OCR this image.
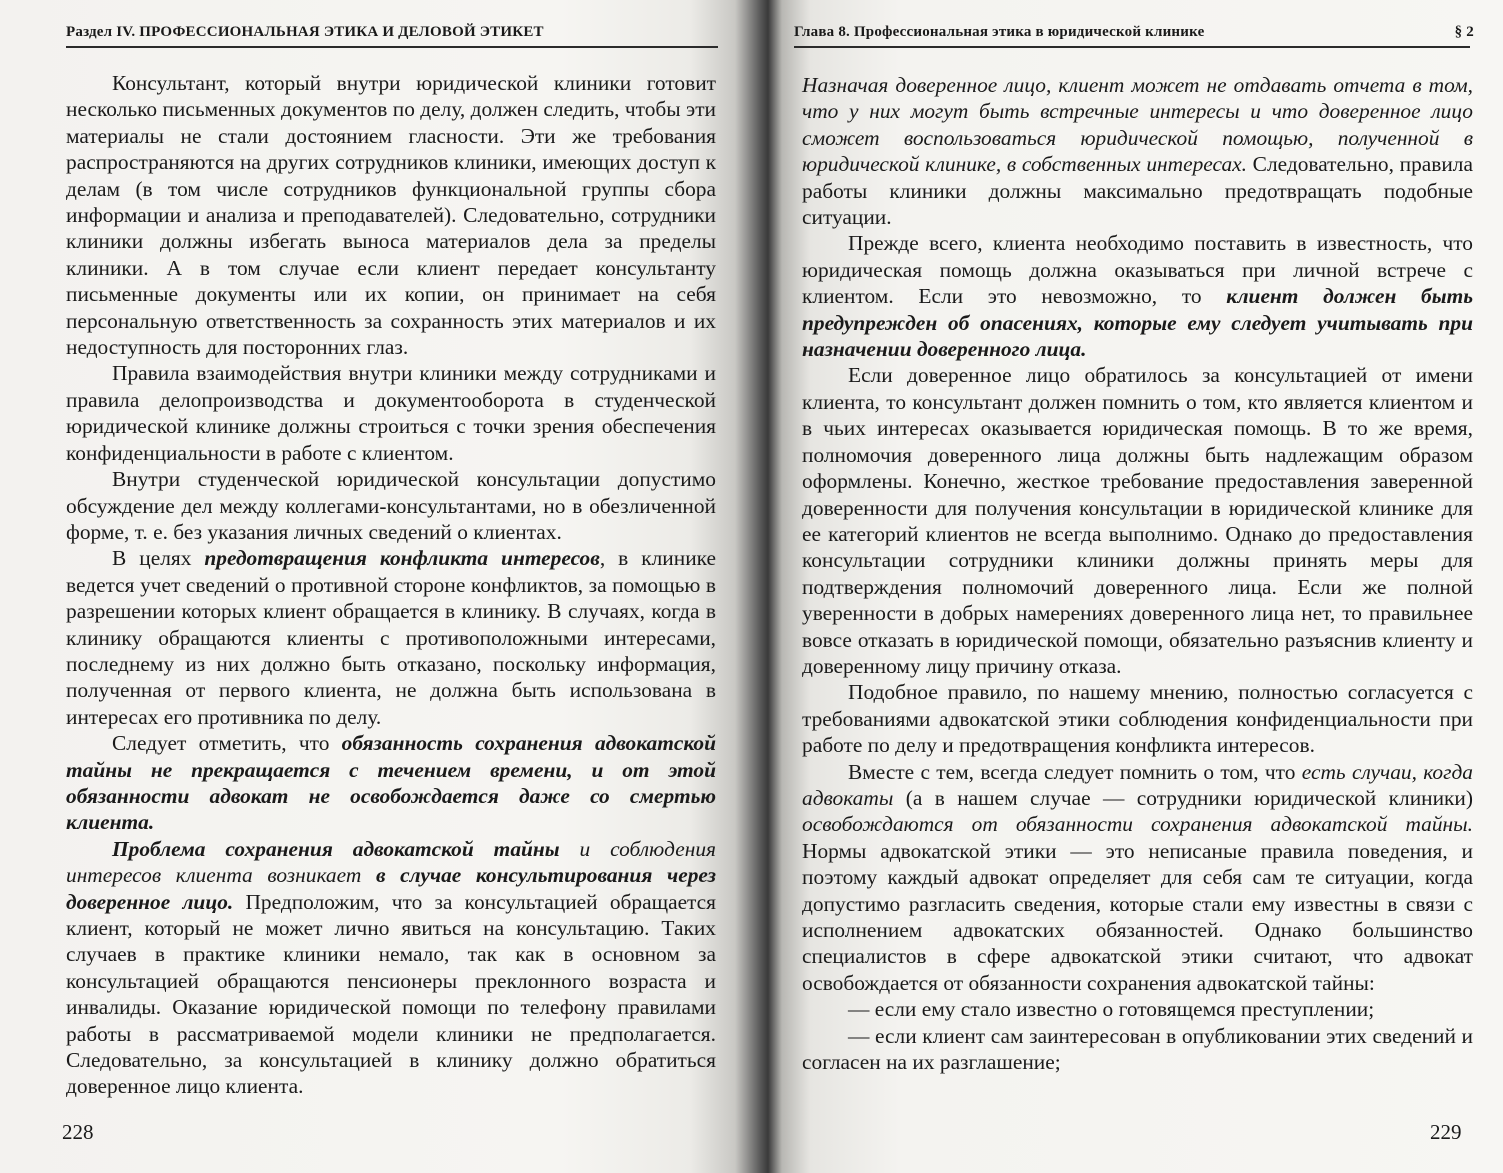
Раздел IV. ПРОФЕССИОНАЛЬНАЯ ЭТИКА И ДЕЛОВОЙ ЭТИКЕТ

Консультант, который внутри юридической клиники готовит несколько письменных документов по делу, должен следить, чтобы эти материалы не стали достоянием гласности. Эти же требования распространяются на других сотрудников клиники, имеющих доступ к делам (в том числе сотрудников функциональной группы сбора информации и анализа и преподавателей). Следовательно, сотрудники клиники должны избегать выноса материалов дела за пределы клиники. А в том случае если клиент передает консультанту письменные документы или их копии, он принимает на себя персональную ответственность за сохранность этих материалов и их недоступность для посторонних глаз.

Правила взаимодействия внутри клиники между сотрудниками и правила делопроизводства и документооборота в студенческой юридической клинике должны строиться с точки зрения обеспечения конфиденциальности в работе с клиентом.

Внутри студенческой юридической консультации допустимо обсуждение дел между коллегами-консультантами, но в обезличенной форме, т. е. без указания личных сведений о клиентах.

В целях предотвращения конфликта интересов, в клинике ведется учет сведений о противной стороне конфликтов, за помощью в разрешении которых клиент обращается в клинику. В случаях, когда в клинику обращаются клиенты с противоположными интересами, последнему из них должно быть отказано, поскольку информация, полученная от первого клиента, не должна быть использована в интересах его противника по делу.

Следует отметить, что обязанность сохранения адвокатской тайны не прекращается с течением времени, и от этой обязанности адвокат не освобождается даже со смертью клиента.

Проблема сохранения адвокатской тайны и соблюдения интересов клиента возникает в случае консультирования через доверенное лицо. Предположим, что за консультацией обращается клиент, который не может лично явиться на консультацию. Таких случаев в практике клиники немало, так как в основном за консультацией обращаются пенсионеры преклонного возраста и инвалиды. Оказание юридической помощи по телефону правилами работы в рассматриваемой модели клиники не предполагается. Следовательно, за консультацией в клинику должно обратиться доверенное лицо клиента.

228
Глава 8. Профессиональная этика в юридической клинике	§ 2

Назначая доверенное лицо, клиент может не отдавать отчета в том, что у них могут быть встречные интересы и что доверенное лицо сможет воспользоваться юридической помощью, полученной в юридической клинике, в собственных интересах. Следовательно, правила работы клиники должны максимально предотвращать подобные ситуации.

Прежде всего, клиента необходимо поставить в известность, что юридическая помощь должна оказываться при личной встрече с клиентом. Если это невозможно, то клиент должен быть предупрежден об опасениях, которые ему следует учитывать при назначении доверенного лица.

Если доверенное лицо обратилось за консультацией от имени клиента, то консультант должен помнить о том, кто является клиентом и в чьих интересах оказывается юридическая помощь. В то же время, полномочия доверенного лица должны быть надлежащим образом оформлены. Конечно, жесткое требование предоставления заверенной доверенности для получения консультации в юридической клинике для ее категорий клиентов не всегда выполнимо. Однако до предоставления консультации сотрудники клиники должны принять меры для подтверждения полномочий доверенного лица. Если же полной уверенности в добрых намерениях доверенного лица нет, то правильнее вовсе отказать в юридической помощи, обязательно разъяснив клиенту и доверенному лицу причину отказа.

Подобное правило, по нашему мнению, полностью согласуется с требованиями адвокатской этики соблюдения конфиденциальности при работе по делу и предотвращения конфликта интересов.

Вместе с тем, всегда следует помнить о том, что есть случаи, когда адвокаты (а в нашем случае — сотрудники юридической клиники) освобождаются от обязанности сохранения адвокатской тайны. Нормы адвокатской этики — это неписаные правила поведения, и поэтому каждый адвокат определяет для себя сам те ситуации, когда допустимо разгласить сведения, которые стали ему известны в связи с исполнением адвокатских обязанностей. Однако большинство специалистов в сфере адвокатской этики считают, что адвокат освобождается от обязанности сохранения адвокатской тайны:

— если ему стало известно о готовящемся преступлении;

— если клиент сам заинтересован в опубликовании этих сведений и согласен на их разглашение;

229
